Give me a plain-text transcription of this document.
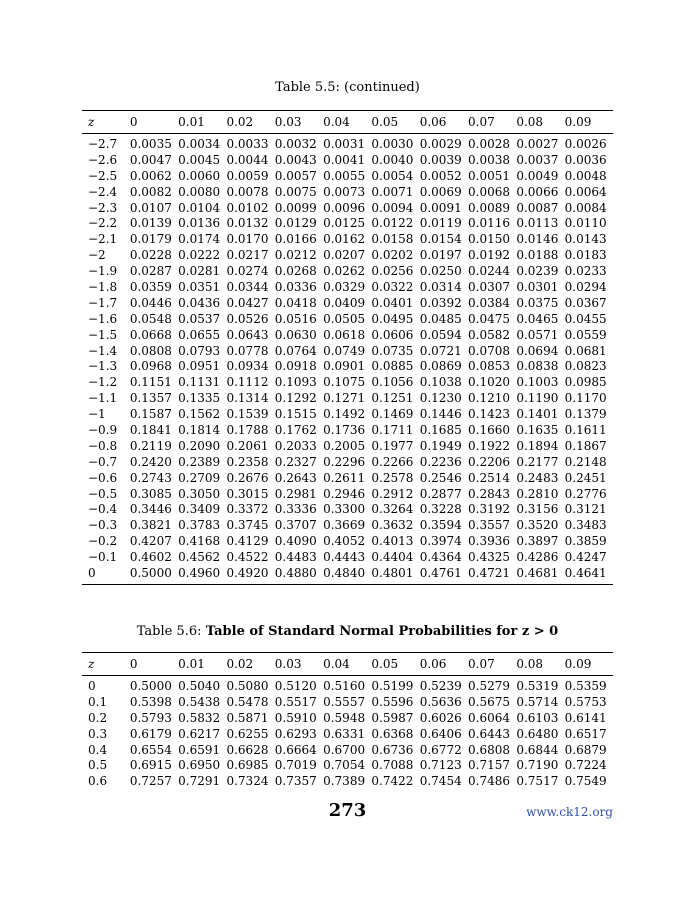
Table 5.5: (continued)
z	0	0.01	0.02	0.03	0.04	0.05	0.06	0.07	0.08	0.09
−2.7	0.0035 0.0034 0.0033 0.0032 0.0031 0.0030 0.0029 0.0028 0.0027 0.0026
−2.6	0.0047 0.0045 0.0044 0.0043 0.0041 0.0040 0.0039 0.0038 0.0037 0.0036
−2.5	0.0062 0.0060 0.0059 0.0057 0.0055 0.0054 0.0052 0.0051 0.0049 0.0048
−2.4	0.0082 0.0080 0.0078 0.0075 0.0073 0.0071 0.0069 0.0068 0.0066 0.0064
−2.3	0.0107 0.0104 0.0102 0.0099 0.0096 0.0094 0.0091 0.0089 0.0087 0.0084
−2.2	0.0139 0.0136 0.0132 0.0129 0.0125 0.0122 0.0119 0.0116 0.0113 0.0110
−2.1	0.0179 0.0174 0.0170 0.0166 0.0162 0.0158 0.0154 0.0150 0.0146 0.0143
−2	0.0228 0.0222 0.0217 0.0212 0.0207 0.0202 0.0197 0.0192 0.0188 0.0183
−1.9	0.0287 0.0281 0.0274 0.0268 0.0262 0.0256 0.0250 0.0244 0.0239 0.0233
−1.8	0.0359 0.0351 0.0344 0.0336 0.0329 0.0322 0.0314 0.0307 0.0301 0.0294
−1.7	0.0446 0.0436 0.0427 0.0418 0.0409 0.0401 0.0392 0.0384 0.0375 0.0367
−1.6	0.0548 0.0537 0.0526 0.0516 0.0505 0.0495 0.0485 0.0475 0.0465 0.0455
−1.5	0.0668 0.0655 0.0643 0.0630 0.0618 0.0606 0.0594 0.0582 0.0571 0.0559
−1.4	0.0808 0.0793 0.0778 0.0764 0.0749 0.0735 0.0721 0.0708 0.0694 0.0681
−1.3	0.0968 0.0951 0.0934 0.0918 0.0901 0.0885 0.0869 0.0853 0.0838 0.0823
−1.2	0.1151 0.1131 0.1112 0.1093 0.1075 0.1056 0.1038 0.1020 0.1003 0.0985
−1.1	0.1357 0.1335 0.1314 0.1292 0.1271 0.1251 0.1230 0.1210 0.1190 0.1170
−1	0.1587 0.1562 0.1539 0.1515 0.1492 0.1469 0.1446 0.1423 0.1401 0.1379
−0.9	0.1841 0.1814 0.1788 0.1762 0.1736 0.1711 0.1685 0.1660 0.1635 0.1611
−0.8	0.2119 0.2090 0.2061 0.2033 0.2005 0.1977 0.1949 0.1922 0.1894 0.1867
−0.7	0.2420 0.2389 0.2358 0.2327 0.2296 0.2266 0.2236 0.2206 0.2177 0.2148
−0.6	0.2743 0.2709 0.2676 0.2643 0.2611 0.2578 0.2546 0.2514 0.2483 0.2451
−0.5	0.3085 0.3050 0.3015 0.2981 0.2946 0.2912 0.2877 0.2843 0.2810 0.2776
−0.4	0.3446 0.3409 0.3372 0.3336 0.3300 0.3264 0.3228 0.3192 0.3156 0.3121
−0.3	0.3821 0.3783 0.3745 0.3707 0.3669 0.3632 0.3594 0.3557 0.3520 0.3483
−0.2	0.4207 0.4168 0.4129 0.4090 0.4052 0.4013 0.3974 0.3936 0.3897 0.3859
−0.1	0.4602 0.4562 0.4522 0.4483 0.4443 0.4404 0.4364 0.4325 0.4286 0.4247
0	0.5000 0.4960 0.4920 0.4880 0.4840 0.4801 0.4761 0.4721 0.4681 0.4641
Table 5.6: Table of Standard Normal Probabilities for z > 0
z	0	0.01	0.02	0.03	0.04	0.05	0.06	0.07	0.08	0.09
0	0.5000 0.5040 0.5080 0.5120 0.5160 0.5199 0.5239 0.5279 0.5319 0.5359
0.1	0.5398 0.5438 0.5478 0.5517 0.5557 0.5596 0.5636 0.5675 0.5714 0.5753
0.2	0.5793 0.5832 0.5871 0.5910 0.5948 0.5987 0.6026 0.6064 0.6103 0.6141
0.3	0.6179 0.6217 0.6255 0.6293 0.6331 0.6368 0.6406 0.6443 0.6480 0.6517
0.4	0.6554 0.6591 0.6628 0.6664 0.6700 0.6736 0.6772 0.6808 0.6844 0.6879
0.5	0.6915 0.6950 0.6985 0.7019 0.7054 0.7088 0.7123 0.7157 0.7190 0.7224
0.6	0.7257 0.7291 0.7324 0.7357 0.7389 0.7422 0.7454 0.7486 0.7517 0.7549
273	www.ck12.org
